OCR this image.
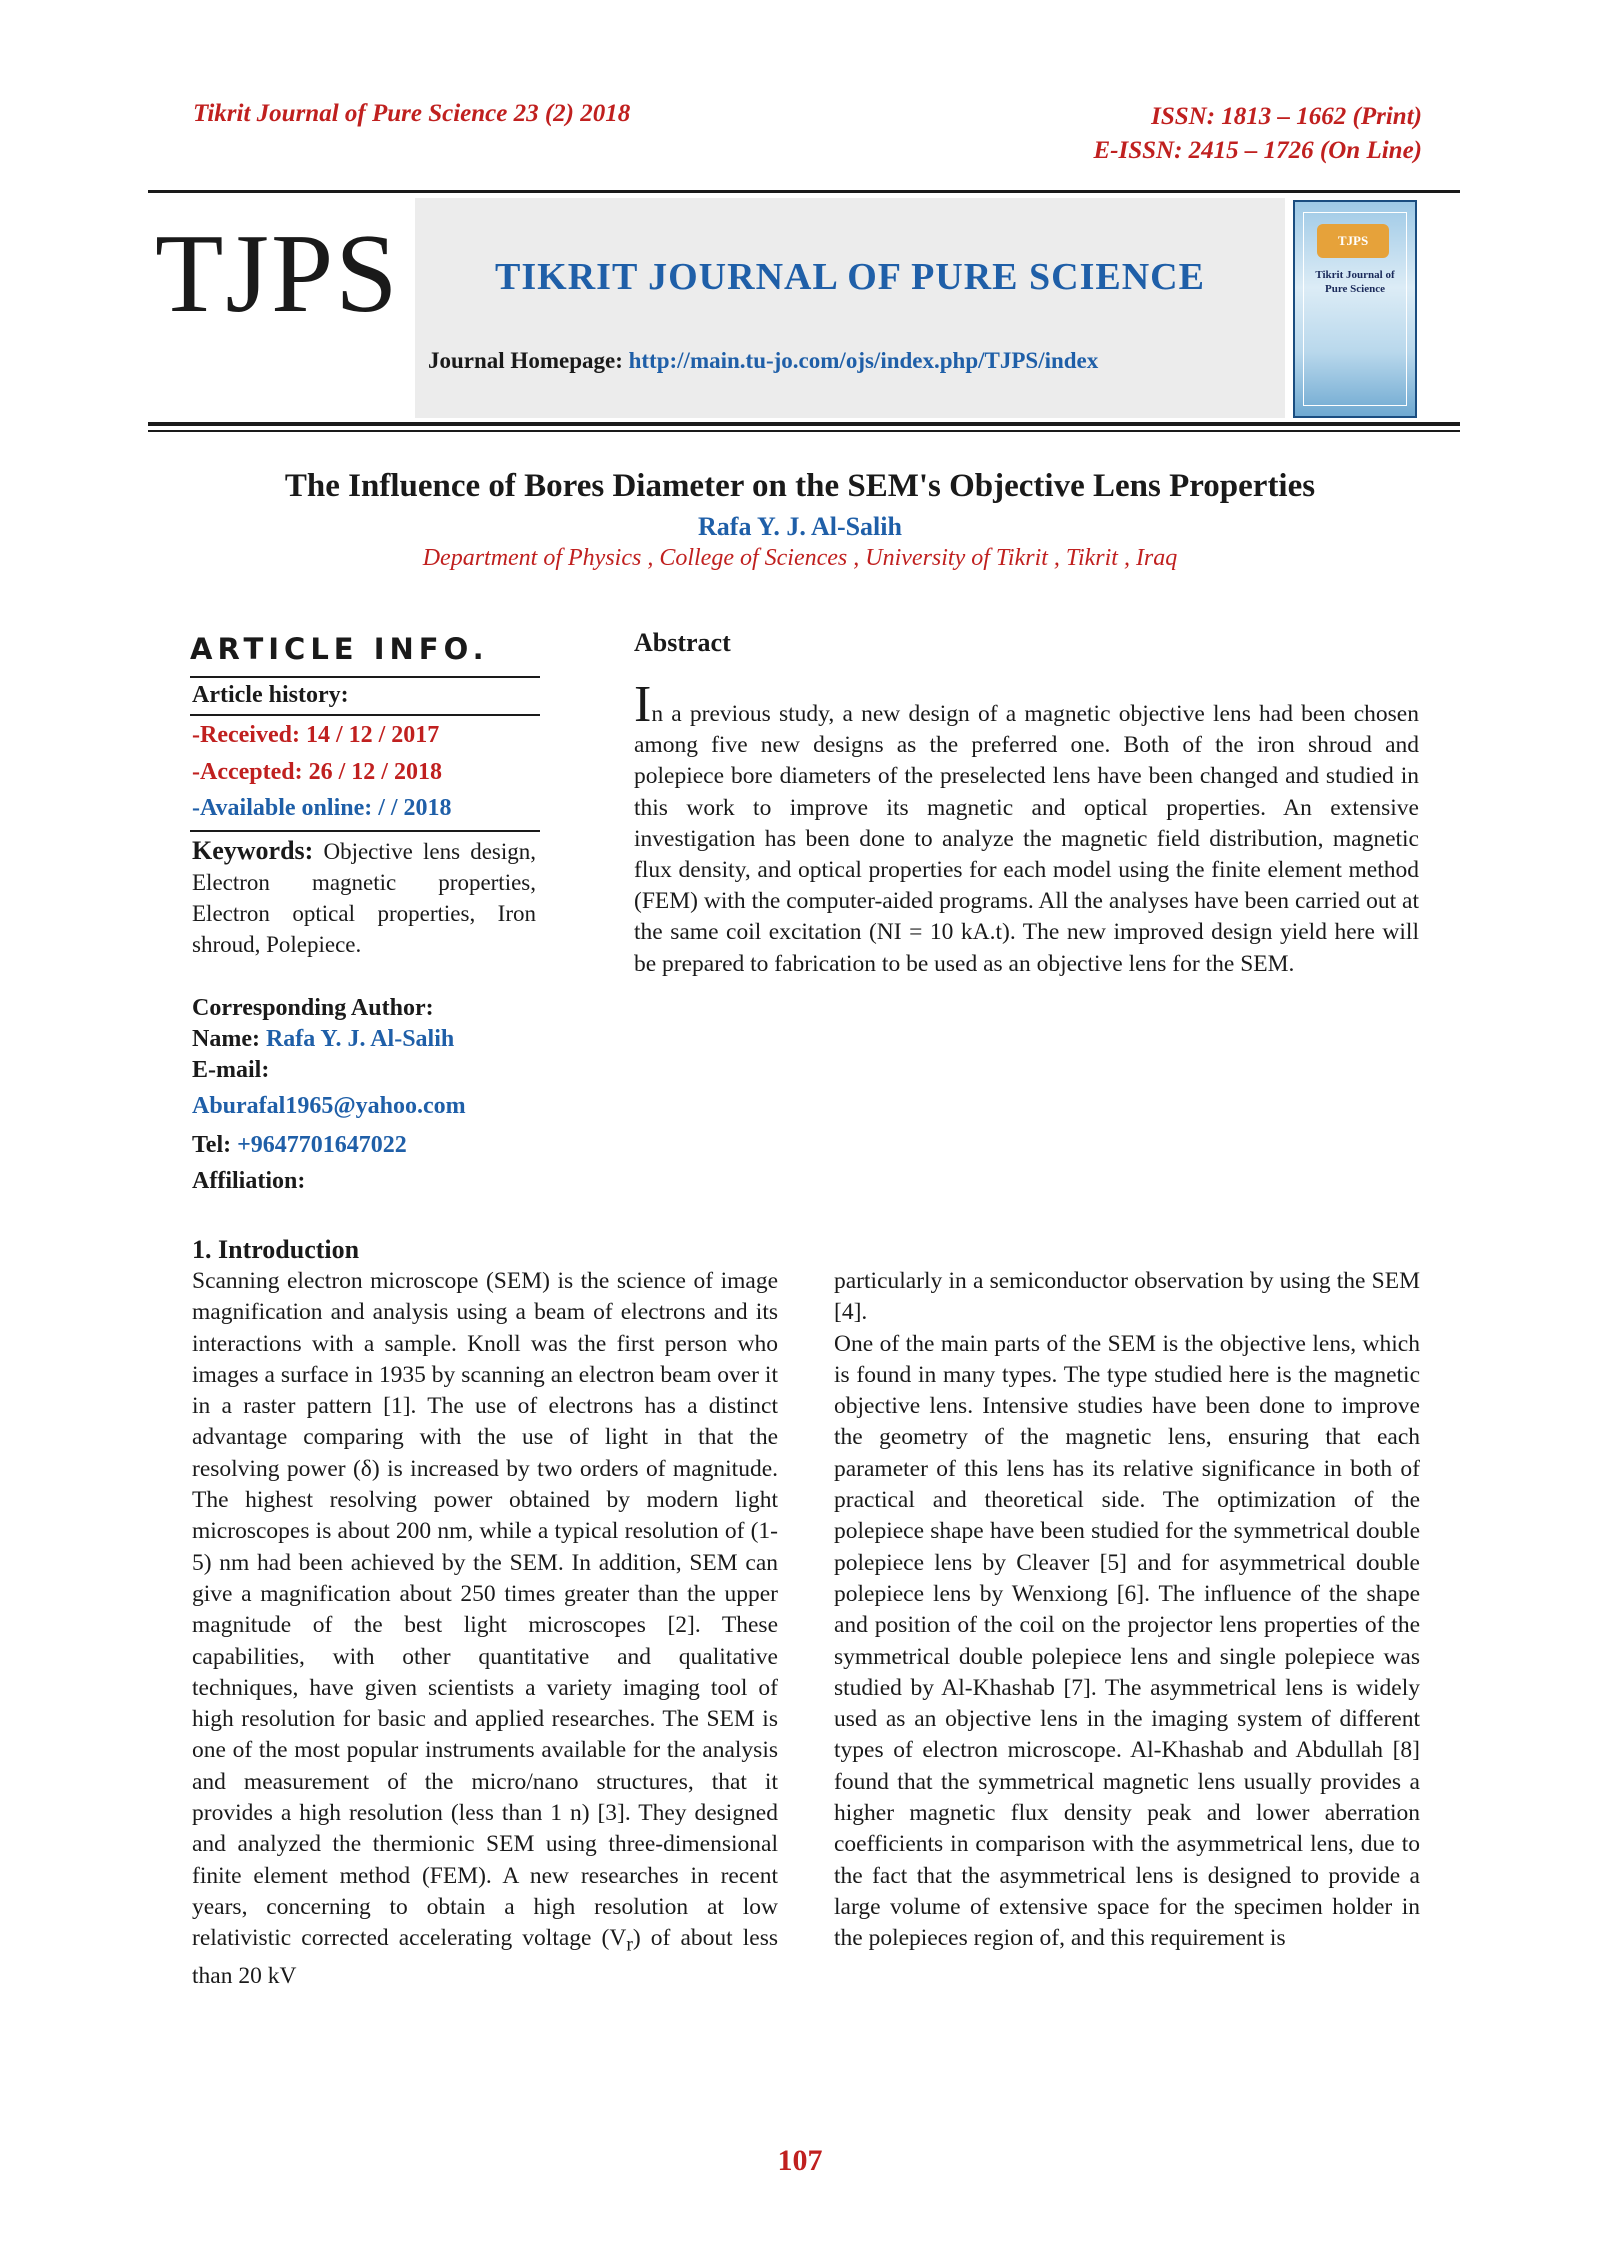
Tikrit Journal of Pure Science 23 (2) 2018	ISSN: 1813 – 1662 (Print)
E-ISSN: 2415 – 1726 (On Line)
TJPS	TIKRIT JOURNAL OF PURE SCIENCE
Journal Homepage: http://main.tu-jo.com/ojs/index.php/TJPS/index
TJPS
Tikrit Journal of Pure Science
The Influence of Bores Diameter on the SEM's Objective Lens Properties
Rafa Y. J. Al-Salih
Department of Physics , College of Sciences , University of Tikrit , Tikrit , Iraq
ARTICLE INFO.
Article history:
-Received: 14 / 12 / 2017
-Accepted: 26 / 12 / 2018
-Available online: / / 2018
Keywords: Objective lens design, Electron magnetic properties, Electron optical properties, Iron shroud, Polepiece.
Corresponding Author:
Name: Rafa Y. J. Al-Salih
E-mail:
Aburafal1965@yahoo.com
Tel: +9647701647022
Affiliation:
Abstract
In a previous study, a new design of a magnetic objective lens had been chosen among five new designs as the preferred one. Both of the iron shroud and polepiece bore diameters of the preselected lens have been changed and studied in this work to improve its magnetic and optical properties. An extensive investigation has been done to analyze the magnetic field distribution, magnetic flux density, and optical properties for each model using the finite element method (FEM) with the computer-aided programs. All the analyses have been carried out at the same coil excitation (NI = 10 kA.t). The new improved design yield here will be prepared to fabrication to be used as an objective lens for the SEM.
1. Introduction
Scanning electron microscope (SEM) is the science of image magnification and analysis using a beam of electrons and its interactions with a sample. Knoll was the first person who images a surface in 1935 by scanning an electron beam over it in a raster pattern [1]. The use of electrons has a distinct advantage comparing with the use of light in that the resolving power (δ) is increased by two orders of magnitude. The highest resolving power obtained by modern light microscopes is about 200 nm, while a typical resolution of (1-5) nm had been achieved by the SEM. In addition, SEM can give a magnification about 250 times greater than the upper magnitude of the best light microscopes [2]. These capabilities, with other quantitative and qualitative techniques, have given scientists a variety imaging tool of high resolution for basic and applied researches. The SEM is one of the most popular instruments available for the analysis and measurement of the micro/nano structures, that it provides a high resolution (less than 1 n) [3]. They designed and analyzed the thermionic SEM using three-dimensional finite element method (FEM). A new researches in recent years, concerning to obtain a high resolution at low relativistic corrected accelerating voltage $(V_r)$ of about less than 20 kV
particularly in a semiconductor observation by using the SEM [4].
One of the main parts of the SEM is the objective lens, which is found in many types. The type studied here is the magnetic objective lens. Intensive studies have been done to improve the geometry of the magnetic lens, ensuring that each parameter of this lens has its relative significance in both of practical and theoretical side. The optimization of the polepiece shape have been studied for the symmetrical double polepiece lens by Cleaver [5] and for asymmetrical double polepiece lens by Wenxiong [6]. The influence of the shape and position of the coil on the projector lens properties of the symmetrical double polepiece lens and single polepiece was studied by Al-Khashab [7]. The asymmetrical lens is widely used as an objective lens in the imaging system of different types of electron microscope. Al-Khashab and Abdullah [8] found that the symmetrical magnetic lens usually provides a higher magnetic flux density peak and lower aberration coefficients in comparison with the asymmetrical lens, due to the fact that the asymmetrical lens is designed to provide a large volume of extensive space for the specimen holder in the polepieces region of, and this requirement is
107
